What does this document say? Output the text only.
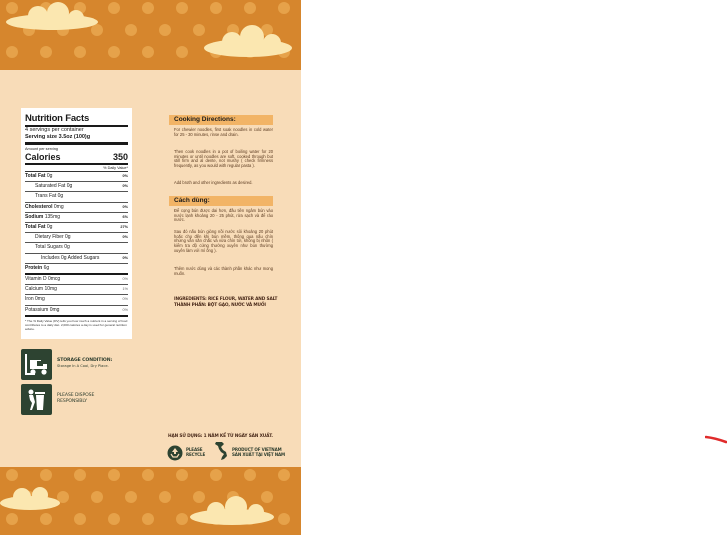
Nutrition Facts
4 servings per container
Serving size 3.5oz (100)g
Amount per serving
Calories	350
% Daily Value*
Total Fat 0g	0%
Saturated Fat 0g	0%
Trans Fat 0g
Cholesterol 0mg	0%
Sodium 135mg	6%
Total Fat 0g	27%
Dietary Fiber 0g	0%
Total Sugars 0g
Includes 0g Added Sugars	0%
Protein 6g
Vitamin D 0mcg	0%
Calcium 10mg	1%
Iron 0mg	0%
Potassium 0mg	0%
* The % Daily Value (DV) tells you how much a nutrient in a serving of food contributes to a daily diet. 2,000 calories a day is used for general nutrition advice.
STORAGE CONDITION:
Storage In A Cool, Dry Place.
PLEASE DISPOSE
RESPONSIBLY
Cooking Directions:

For chewier noodles, first soak noodles in cold water for 25 - 30 minutes, rinse and drain.

Then cook noodles in a pot of boiling water for 20 minutes or until noodles are soft, cooked through but still firm and al dente, not mushy ( check firmness frequently, as you would with regular pasta ).

Add broth and other ingredients as desired.

Cách dùng:

Để cọng bún được dai hơn, đầu tiên ngâm bún vào nước lạnh khoảng 20 - 25 phút, rửa sạch và để ráo nước.

Sau đó nấu bún giòng nồi nước sôi khoảng 20 phút hoặc cho đến khi bún mềm, thông qua nấu chín nhưng vẫn săn chắc và vừa chín tới, không bị nhũn ( kiểm tra độ cứng thường xuyên như bún thường xuyên làm với mì ống ).

Thêm nước dùng và các thành phần khác như mong muốn.

INGREDIENTS: RICE FLOUR, WATER AND SALT
THÀNH PHẦN: BỘT GẠO, NƯỚC VÀ MUỐI
HẠN SỬ DỤNG: 1 NĂM KỂ TỪ NGÀY SẢN XUẤT.
PLEASE
RECYCLE
PRODUCT OF VIETNAM
SẢN XUẤT TẠI VIỆT NAM
